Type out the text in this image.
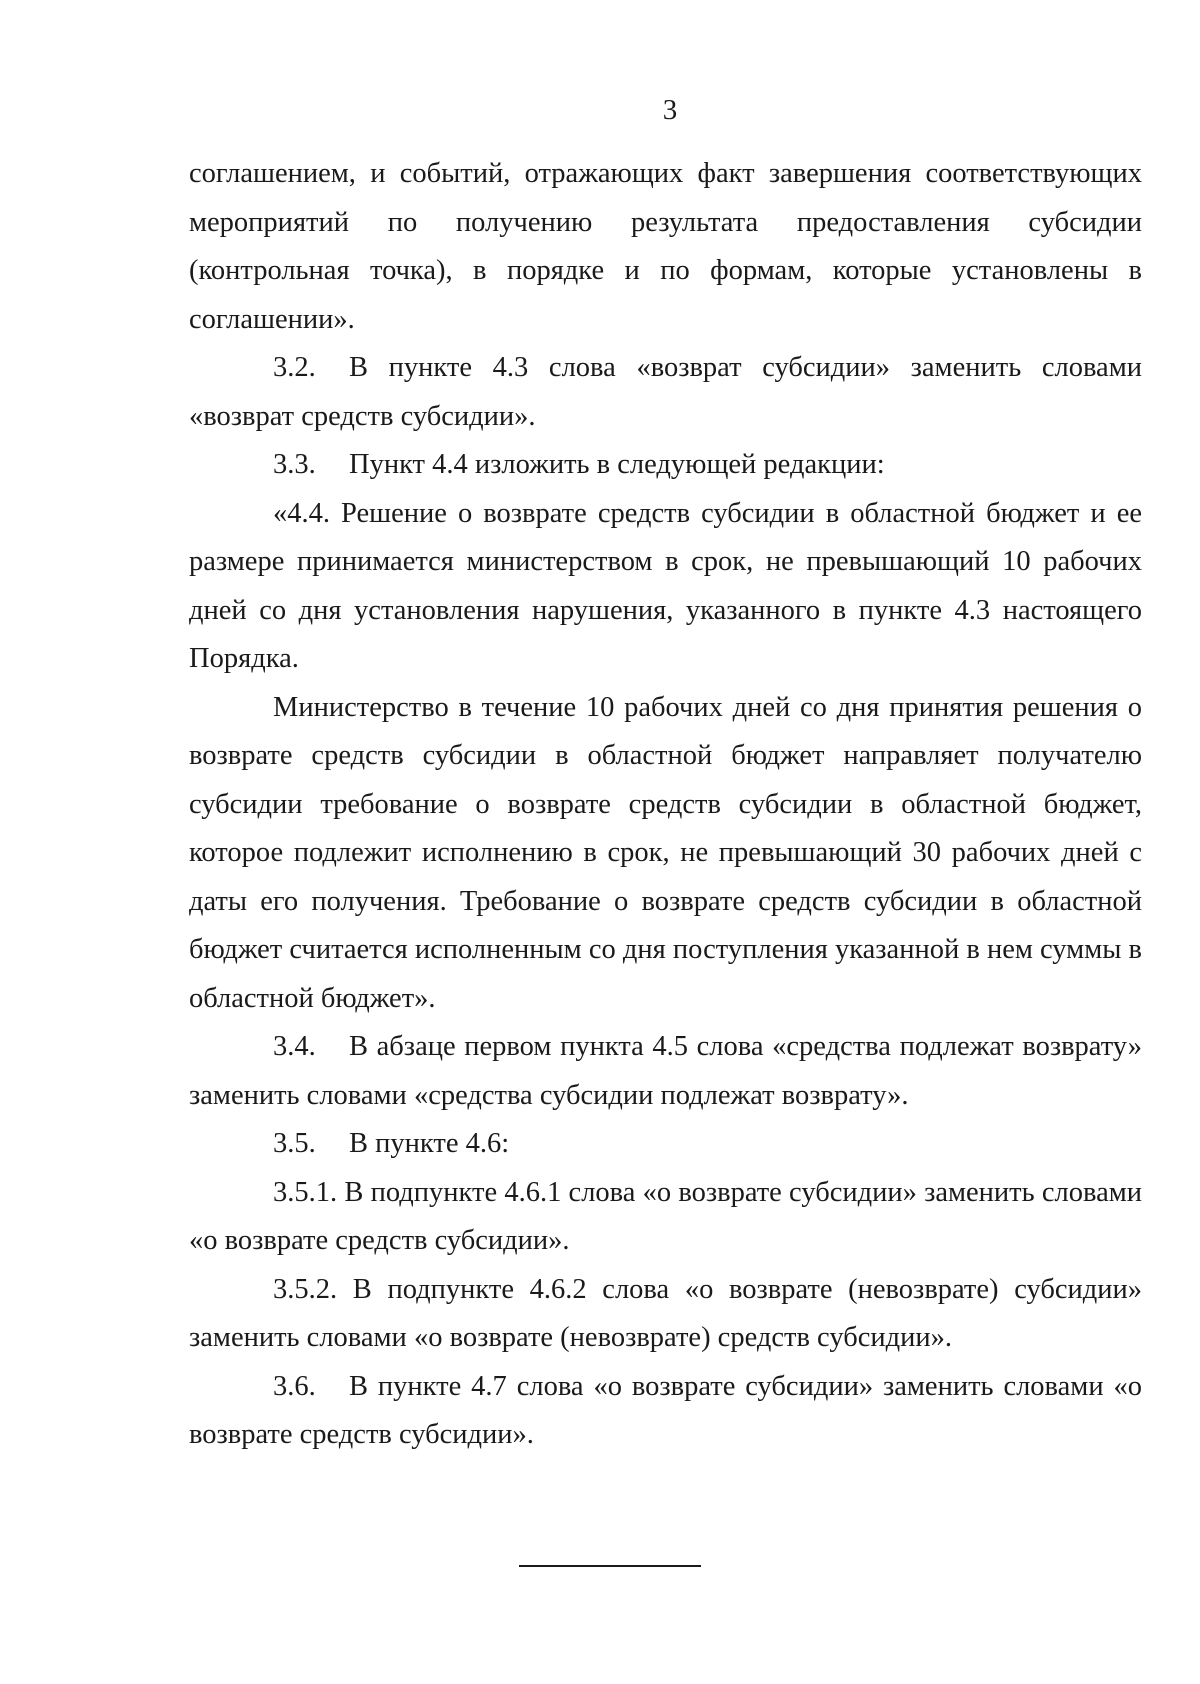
3

соглашением, и событий, отражающих факт завершения соответствующих мероприятий по получению результата предоставления субсидии (контрольная точка), в порядке и по формам, которые установлены в соглашении».

3.2. В пункте 4.3 слова «возврат субсидии» заменить словами «возврат средств субсидии».

3.3. Пункт 4.4 изложить в следующей редакции:

«4.4. Решение о возврате средств субсидии в областной бюджет и ее размере принимается министерством в срок, не превышающий 10 рабочих дней со дня установления нарушения, указанного в пункте 4.3 настоящего Порядка.

Министерство в течение 10 рабочих дней со дня принятия решения о возврате средств субсидии в областной бюджет направляет получателю субсидии требование о возврате средств субсидии в областной бюджет, которое подлежит исполнению в срок, не превышающий 30 рабочих дней с даты его получения. Требование о возврате средств субсидии в областной бюджет считается исполненным со дня поступления указанной в нем суммы в областной бюджет».

3.4. В абзаце первом пункта 4.5 слова «средства подлежат возврату» заменить словами «средства субсидии подлежат возврату».

3.5. В пункте 4.6:

3.5.1. В подпункте 4.6.1 слова «о возврате субсидии» заменить словами «о возврате средств субсидии».

3.5.2. В подпункте 4.6.2 слова «о возврате (невозврате) субсидии» заменить словами «о возврате (невозврате) средств субсидии».

3.6. В пункте 4.7 слова «о возврате субсидии» заменить словами «о возврате средств субсидии».
